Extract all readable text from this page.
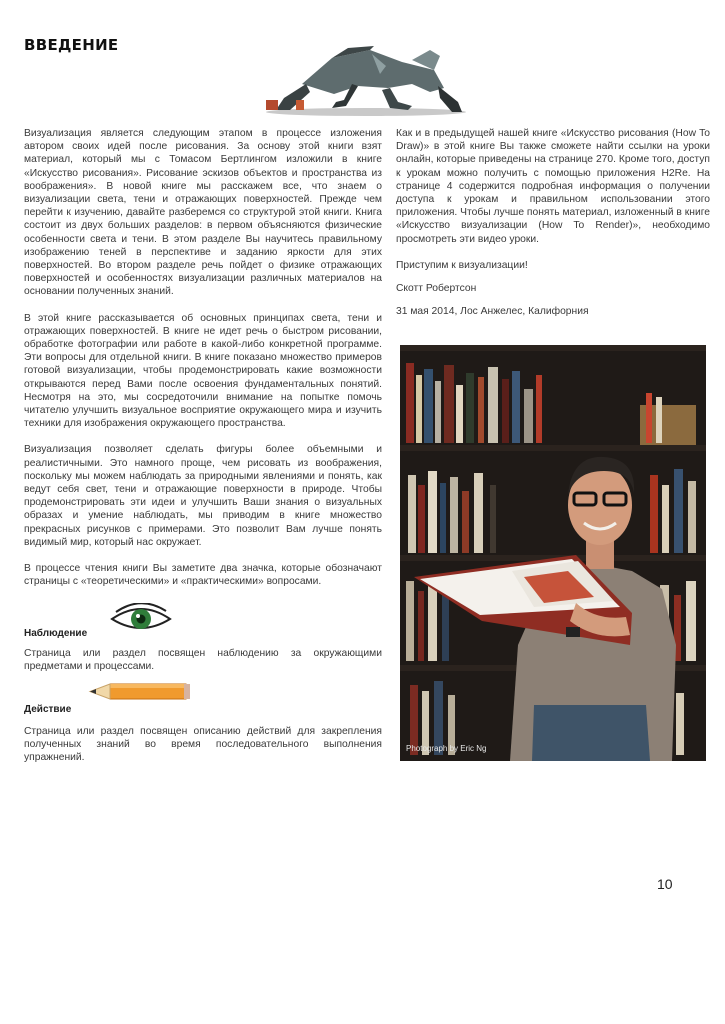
ВВЕДЕНИЕ

Визуализация является следующим этапом в процессе изложения автором своих идей после рисования. За основу этой книги взят материал, который мы с Томасом Бертлингом изложили в книге «Искусство рисования». Рисование эскизов объектов и пространства из воображения». В новой книге мы расскажем все, что знаем о визуализации света, тени и отражающих поверхностей. Прежде чем перейти к изучению, давайте разберемся со структурой этой книги. Книга состоит из двух больших разделов: в первом объясняются физические особенности света и тени. В этом разделе Вы научитесь правильному изображению теней в перспективе и заданию яркости для этих поверхностей. Во втором разделе речь пойдет о физике отражающих поверхностей и особенностях визуализации различных материалов на основании полученных знаний.

В этой книге рассказывается об основных принципах света, тени и отражающих поверхностей. В книге не идет речь о быстром рисовании, обработке фотографии или работе в какой-либо конкретной программе. Эти вопросы для отдельной книги. В книге показано множество примеров готовой визуализации, чтобы продемонстрировать какие возможности открываются перед Вами после освоения фундаментальных понятий. Несмотря на это, мы сосредоточили внимание на попытке помочь читателю улучшить визуальное восприятие окружающего мира и изучить техники для изображения окружающего пространства.

Визуализация позволяет сделать фигуры более объемными и реалистичными. Это намного проще, чем рисовать из воображения, поскольку мы можем наблюдать за природными явлениями и понять, как ведут себя свет, тени и отражающие поверхности в природе. Чтобы продемонстрировать эти идеи и улучшить Ваши знания о визуальных образах и умение наблюдать, мы приводим в книге множество прекрасных рисунков с примерами. Это позволит Вам лучше понять видимый мир, который нас окружает.

В процессе чтения книги Вы заметите два значка, которые обозначают страницы с «теоретическими» и «практическими» вопросами.

Наблюдение
Страница или раздел посвящен наблюдению за окружающими предметами и процессами.
Действие
Страница или раздел посвящен описанию действий для закрепления полученных знаний во время последовательного выполнения упражнений.

Как и в предыдущей нашей книге «Искусство рисования (How To Draw)» в этой книге Вы также сможете найти ссылки на уроки онлайн, которые приведены на странице 270. Кроме того, доступ к урокам можно получить с помощью приложения H2Re. На странице 4 содержится подробная информация о получении доступа к урокам и правильном использовании этого приложения. Чтобы лучше понять материал, изложенный в книге «Искусство визуализации (How To Render)», необходимо просмотреть эти видео уроки.

Приступим к визуализации!

Скотт Робертсон

31 мая 2014, Лос Анжелес, Калифорния

Photograph by Eric Ng
10
